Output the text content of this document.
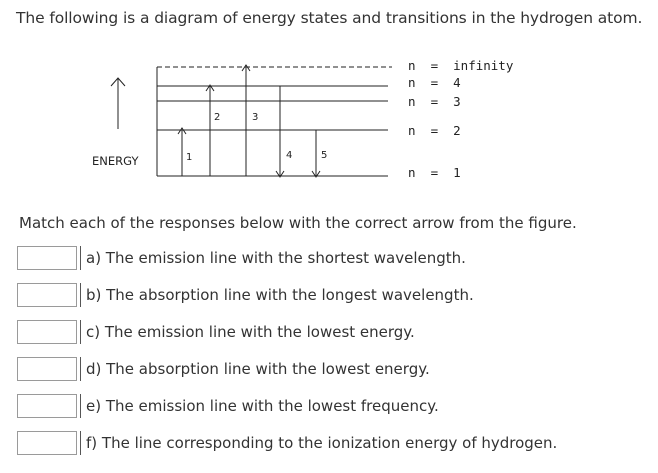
The following is a diagram of energy states and transitions in the hydrogen atom.
ENERGY
n  =  infinity
n  =  4
n  =  3
n  =  2
n  =  1
1
2	3
4	5

Match each of the responses below with the correct arrow from the figure.

a) The emission line with the shortest wavelength.
b) The absorption line with the longest wavelength.
c) The emission line with the lowest energy.
d) The absorption line with the lowest energy.
e) The emission line with the lowest frequency.
f) The line corresponding to the ionization energy of hydrogen.
